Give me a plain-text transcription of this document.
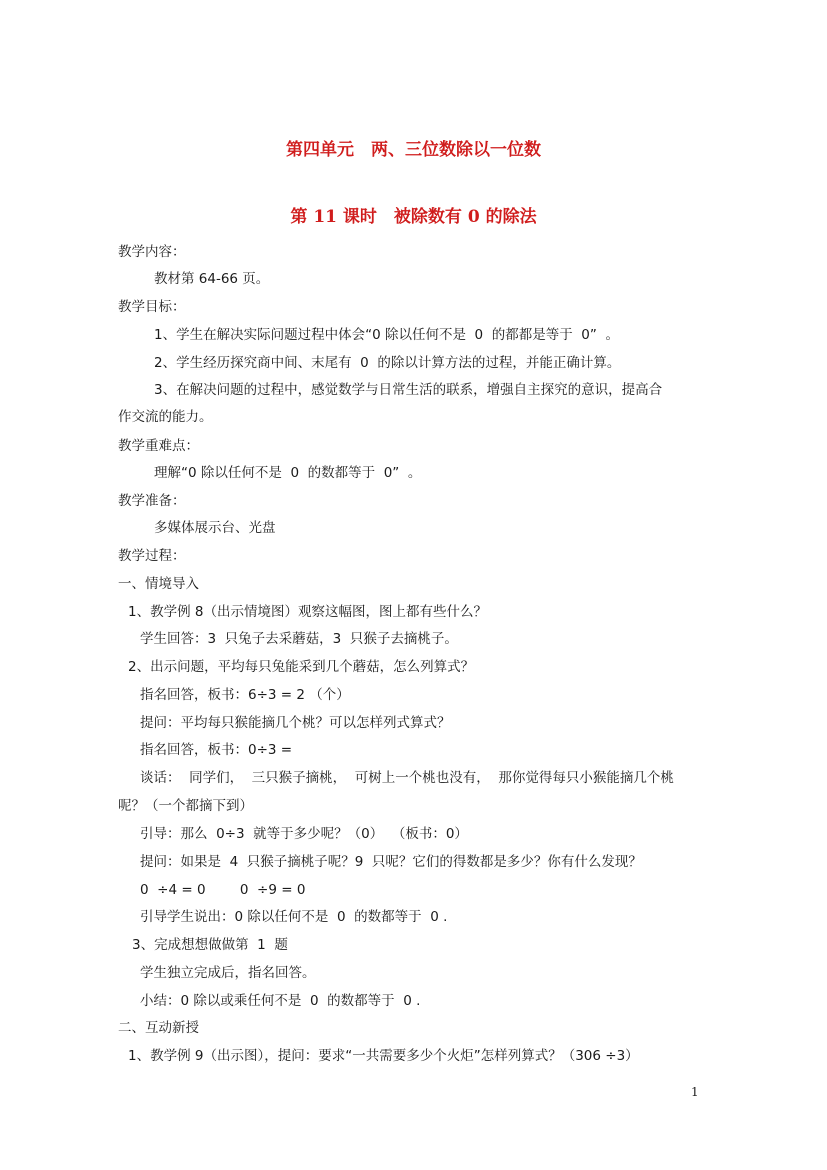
第四单元　两、三位数除以一位数
第 11 课时　被除数有 0 的除法
教学内容：
教材第 64-66 页。
教学目标：
1、学生在解决实际问题过程中体会“0 除以任何不是  0  的都都是等于  0”  。
2、学生经历探究商中间、末尾有  0  的除以计算方法的过程，并能正确计算。
3、在解决问题的过程中，感觉数学与日常生活的联系，增强自主探究的意识，提高合
作交流的能力。
教学重难点：
理解“0 除以任何不是  0  的数都等于  0”  。
教学准备：
多媒体展示台、光盘
教学过程：
一、情境导入
1、教学例 8（出示情境图）观察这幅图，图上都有些什么？
学生回答：3  只兔子去采蘑菇，3  只猴子去摘桃子。
2、出示问题，平均每只兔能采到几个蘑菇，怎么列算式？
指名回答，板书：6÷3 = 2 （个）
提问：平均每只猴能摘几个桃？可以怎样列式算式？
指名回答，板书：0÷3 =
谈话：  同学们，  三只猴子摘桃，  可树上一个桃也没有，  那你觉得每只小猴能摘几个桃
呢？（一个都摘下到）
引导：那么  0÷3  就等于多少呢？（0）  （板书：0）
提问：如果是  4  只猴子摘桃子呢？9  只呢？它们的得数都是多少？你有什么发现？
0  ÷4 = 0        0  ÷9 = 0
引导学生说出：0 除以任何不是  0  的数都等于  0 .
3、完成想想做做第  1  题
学生独立完成后，指名回答。
小结：0 除以或乘任何不是  0  的数都等于  0 .
二、互动新授
1、教学例 9（出示图），提问：要求“一共需要多少个火炬”怎样列算式？（306 ÷3）
1
